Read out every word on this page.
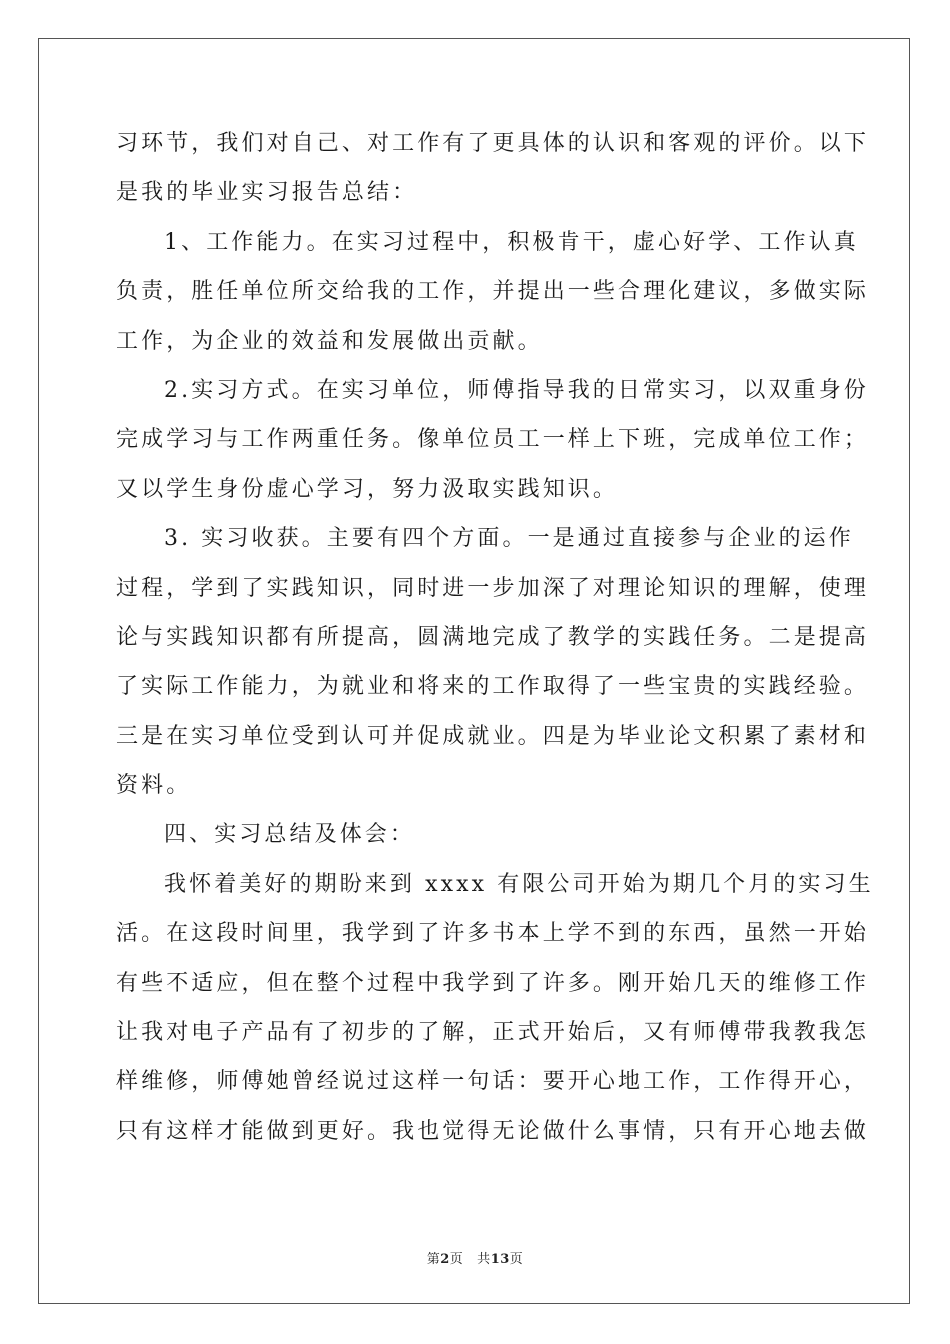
习环节，我们对自己、对工作有了更具体的认识和客观的评价。以下
是我的毕业实习报告总结：
1、工作能力。在实习过程中，积极肯干，虚心好学、工作认真
负责，胜任单位所交给我的工作，并提出一些合理化建议，多做实际
工作，为企业的效益和发展做出贡献。
2.实习方式。在实习单位，师傅指导我的日常实习，以双重身份
完成学习与工作两重任务。像单位员工一样上下班，完成单位工作；
又以学生身份虚心学习，努力汲取实践知识。
3. 实习收获。主要有四个方面。一是通过直接参与企业的运作
过程，学到了实践知识，同时进一步加深了对理论知识的理解，使理
论与实践知识都有所提高，圆满地完成了教学的实践任务。二是提高
了实际工作能力，为就业和将来的工作取得了一些宝贵的实践经验。
三是在实习单位受到认可并促成就业。四是为毕业论文积累了素材和
资料。
四、实习总结及体会：
我怀着美好的期盼来到 xxxx 有限公司开始为期几个月的实习生
活。在这段时间里，我学到了许多书本上学不到的东西，虽然一开始
有些不适应，但在整个过程中我学到了许多。刚开始几天的维修工作
让我对电子产品有了初步的了解，正式开始后，又有师傅带我教我怎
样维修，师傅她曾经说过这样一句话：要开心地工作，工作得开心，
只有这样才能做到更好。我也觉得无论做什么事情，只有开心地去做
第2页 共13页
